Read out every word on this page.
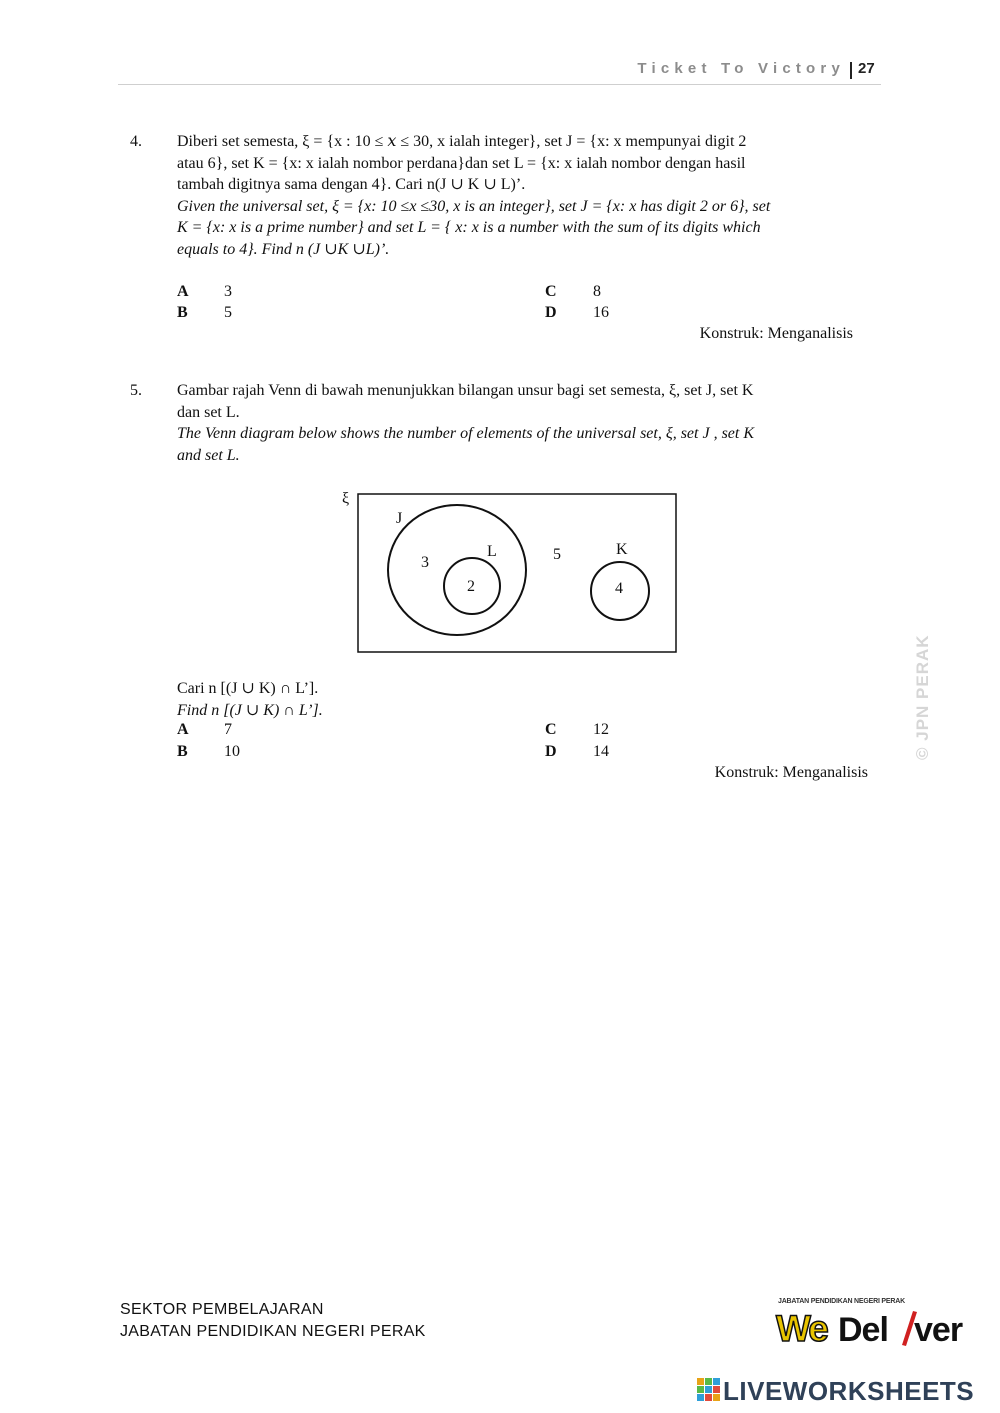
Ticket To Victory 27
4. Diberi set semesta, ξ = {x : 10 ≤ 𝑥 ≤ 30, x ialah integer}, set J = {x: x mempunyai digit 2

atau 6}, set K = {x: x ialah nombor perdana}dan set L = {x: x ialah nombor dengan hasil

tambah digitnya sama dengan 4}. Cari n(J ∪ K ∪ L)’.

Given the universal set, ξ = {x: 10 ≤x ≤30, x is an integer}, set J = {x: x has digit 2 or 6}, set

K = {x: x is a prime number} and set L = { x: x is a number with the sum of its digits which

equals to 4}. Find n (J ∪K ∪L)’.

A 3
B 5
C 8
D 16
Konstruk: Menganalisis
5. Gambar rajah Venn di bawah menunjukkan bilangan unsur bagi set semesta, ξ, set J, set K

dan set L.

The Venn diagram below shows the number of elements of the universal set, ξ, set J , set K

and set L.

ξ
J
3
L
2
5	K
4

Cari n [(J ∪ K) ∩ L’].

Find n [(J ∪ K) ∩ L’].

A 7
B 10
C 12
D 14
Konstruk: Menganalisis
© JPN PERAK
SEKTOR PEMBELAJARAN
JABATAN PENDIDIKAN NEGERI PERAK
JABATAN PENDIDIKAN NEGERI PERAK
We Del ver
LIVEWORKSHEETS
